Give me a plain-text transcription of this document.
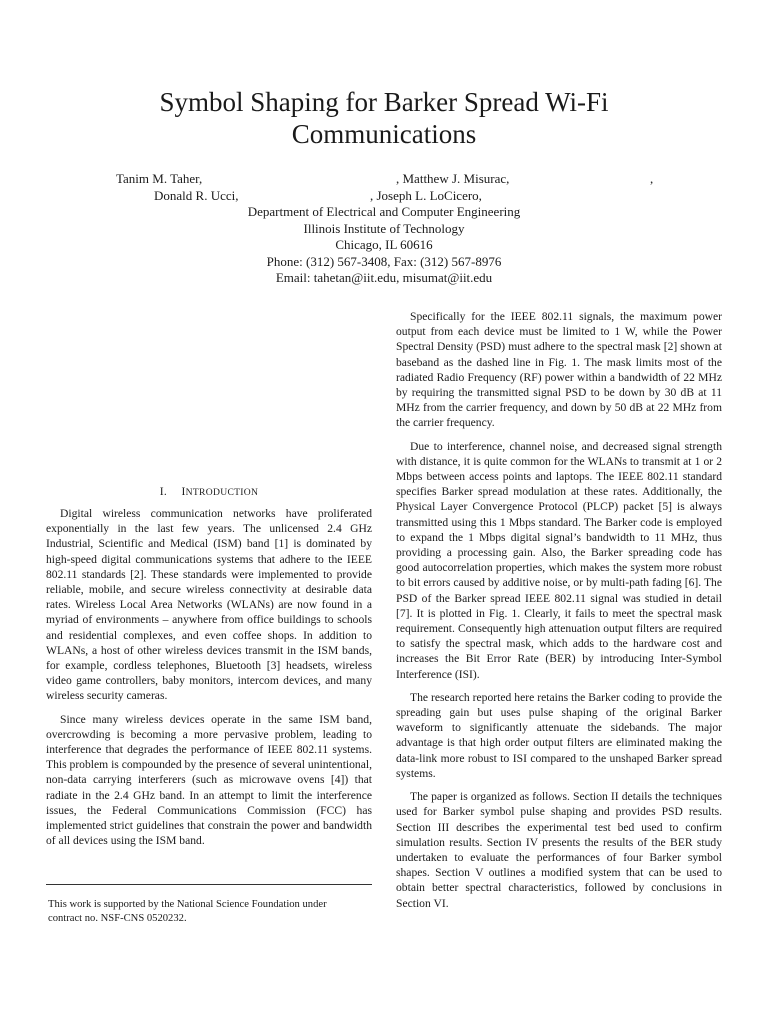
Symbol Shaping for Barker Spread Wi-Fi
Communications
Tanim M. Taher,	, Matthew J. Misurac,	,
Donald R. Ucci,	, Joseph L. LoCicero,
Department of Electrical and Computer Engineering
Illinois Institute of Technology
Chicago, IL 60616
Phone: (312) 567-3408, Fax: (312) 567-8976
Email: tahetan@iit.edu, misumat@iit.edu
I. INTRODUCTION

Digital wireless communication networks have proliferated exponentially in the last few years. The unlicensed 2.4 GHz Industrial, Scientific and Medical (ISM) band [1] is dominated by high-speed digital communications systems that adhere to the IEEE 802.11 standards [2]. These standards were implemented to provide reliable, mobile, and secure wireless connectivity at desirable data rates. Wireless Local Area Networks (WLANs) are now found in a myriad of environments – anywhere from office buildings to schools and residential complexes, and even coffee shops. In addition to WLANs, a host of other wireless devices transmit in the ISM bands, for example, cordless telephones, Bluetooth [3] headsets, wireless video game controllers, baby monitors, intercom devices, and many wireless security cameras.

Since many wireless devices operate in the same ISM band, overcrowding is becoming a more pervasive problem, leading to interference that degrades the performance of IEEE 802.11 systems. This problem is compounded by the presence of several unintentional, non-data carrying interferers (such as microwave ovens [4]) that radiate in the 2.4 GHz band. In an attempt to limit the interference issues, the Federal Communications Commission (FCC) has implemented strict guidelines that constrain the power and bandwidth of all devices using the ISM band.

Specifically for the IEEE 802.11 signals, the maximum power output from each device must be limited to 1 W, while the Power Spectral Density (PSD) must adhere to the spectral mask [2] shown at baseband as the dashed line in Fig. 1. The mask limits most of the radiated Radio Frequency (RF) power within a bandwidth of 22 MHz by requiring the transmitted signal PSD to be down by 30 dB at 11 MHz from the carrier frequency, and down by 50 dB at 22 MHz from the carrier frequency.

Due to interference, channel noise, and decreased signal strength with distance, it is quite common for the WLANs to transmit at 1 or 2 Mbps between access points and laptops. The IEEE 802.11 standard specifies Barker spread modulation at these rates. Additionally, the Physical Layer Convergence Protocol (PLCP) packet [5] is always transmitted using this 1 Mbps standard. The Barker code is employed to expand the 1 Mbps digital signal’s bandwidth to 11 MHz, thus providing a processing gain. Also, the Barker spreading code has good autocorrelation properties, which makes the system more robust to bit errors caused by additive noise, or by multi-path fading [6]. The PSD of the Barker spread IEEE 802.11 signal was studied in detail [7]. It is plotted in Fig. 1. Clearly, it fails to meet the spectral mask requirement. Consequently high attenuation output filters are required to satisfy the spectral mask, which adds to the hardware cost and increases the Bit Error Rate (BER) by introducing Inter-Symbol Interference (ISI).

The research reported here retains the Barker coding to provide the spreading gain but uses pulse shaping of the original Barker waveform to significantly attenuate the sidebands. The major advantage is that high order output filters are eliminated making the data-link more robust to ISI compared to the unshaped Barker spread systems.

The paper is organized as follows. Section II details the techniques used for Barker symbol pulse shaping and provides PSD results. Section III describes the experimental test bed used to confirm simulation results. Section IV presents the results of the BER study undertaken to evaluate the performances of four Barker symbol shapes. Section V outlines a modified system that can be used to obtain better spectral characteristics, followed by conclusions in Section VI.

This work is supported by the National Science Foundation under contract no. NSF-CNS 0520232.
